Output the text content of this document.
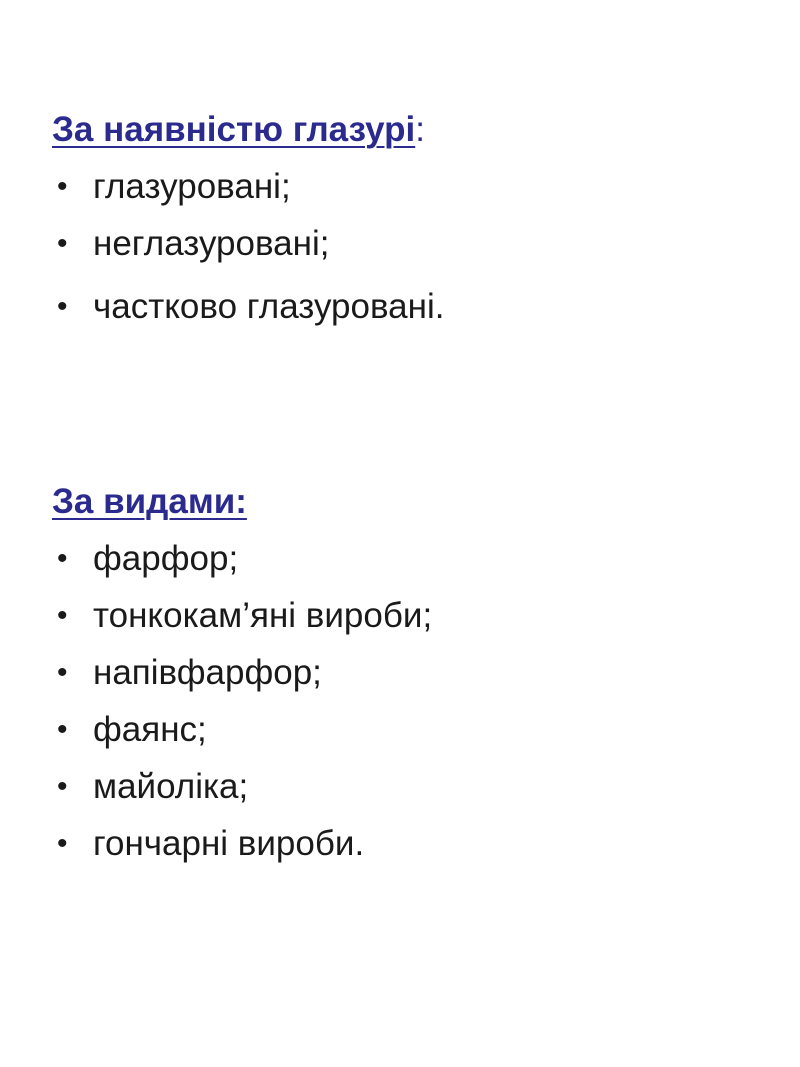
За наявністю глазурі:

• глазуровані;
• неглазуровані;
• частково глазуровані.

За видами:

• фарфор;
• тонкокам’яні вироби;
• напівфарфор;
• фаянс;
• майоліка;
• гончарні вироби.
